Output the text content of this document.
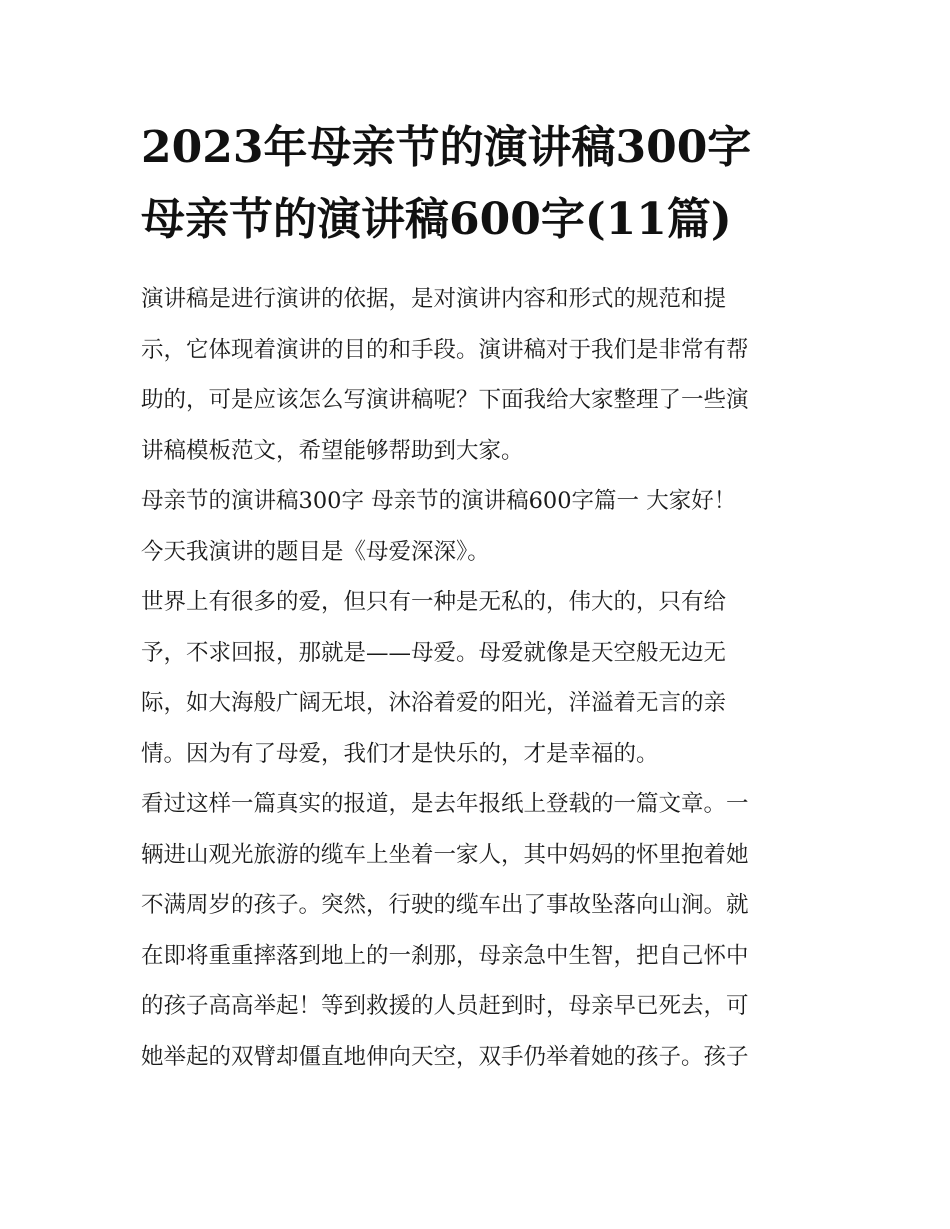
2023年母亲节的演讲稿300字
母亲节的演讲稿600字(11篇)

演讲稿是进行演讲的依据，是对演讲内容和形式的规范和提
示，它体现着演讲的目的和手段。演讲稿对于我们是非常有帮
助的，可是应该怎么写演讲稿呢？下面我给大家整理了一些演
讲稿模板范文，希望能够帮助到大家。

母亲节的演讲稿300字 母亲节的演讲稿600字篇一 大家好！

今天我演讲的题目是《母爱深深》。

世界上有很多的爱，但只有一种是无私的，伟大的，只有给
予，不求回报，那就是——母爱。母爱就像是天空般无边无
际，如大海般广阔无垠，沐浴着爱的阳光，洋溢着无言的亲
情。因为有了母爱，我们才是快乐的，才是幸福的。

看过这样一篇真实的报道，是去年报纸上登载的一篇文章。一
辆进山观光旅游的缆车上坐着一家人，其中妈妈的怀里抱着她
不满周岁的孩子。突然，行驶的缆车出了事故坠落向山涧。就
在即将重重摔落到地上的一刹那，母亲急中生智，把自己怀中
的孩子高高举起！等到救援的人员赶到时，母亲早已死去，可
她举起的双臂却僵直地伸向天空，双手仍举着她的孩子。孩子
